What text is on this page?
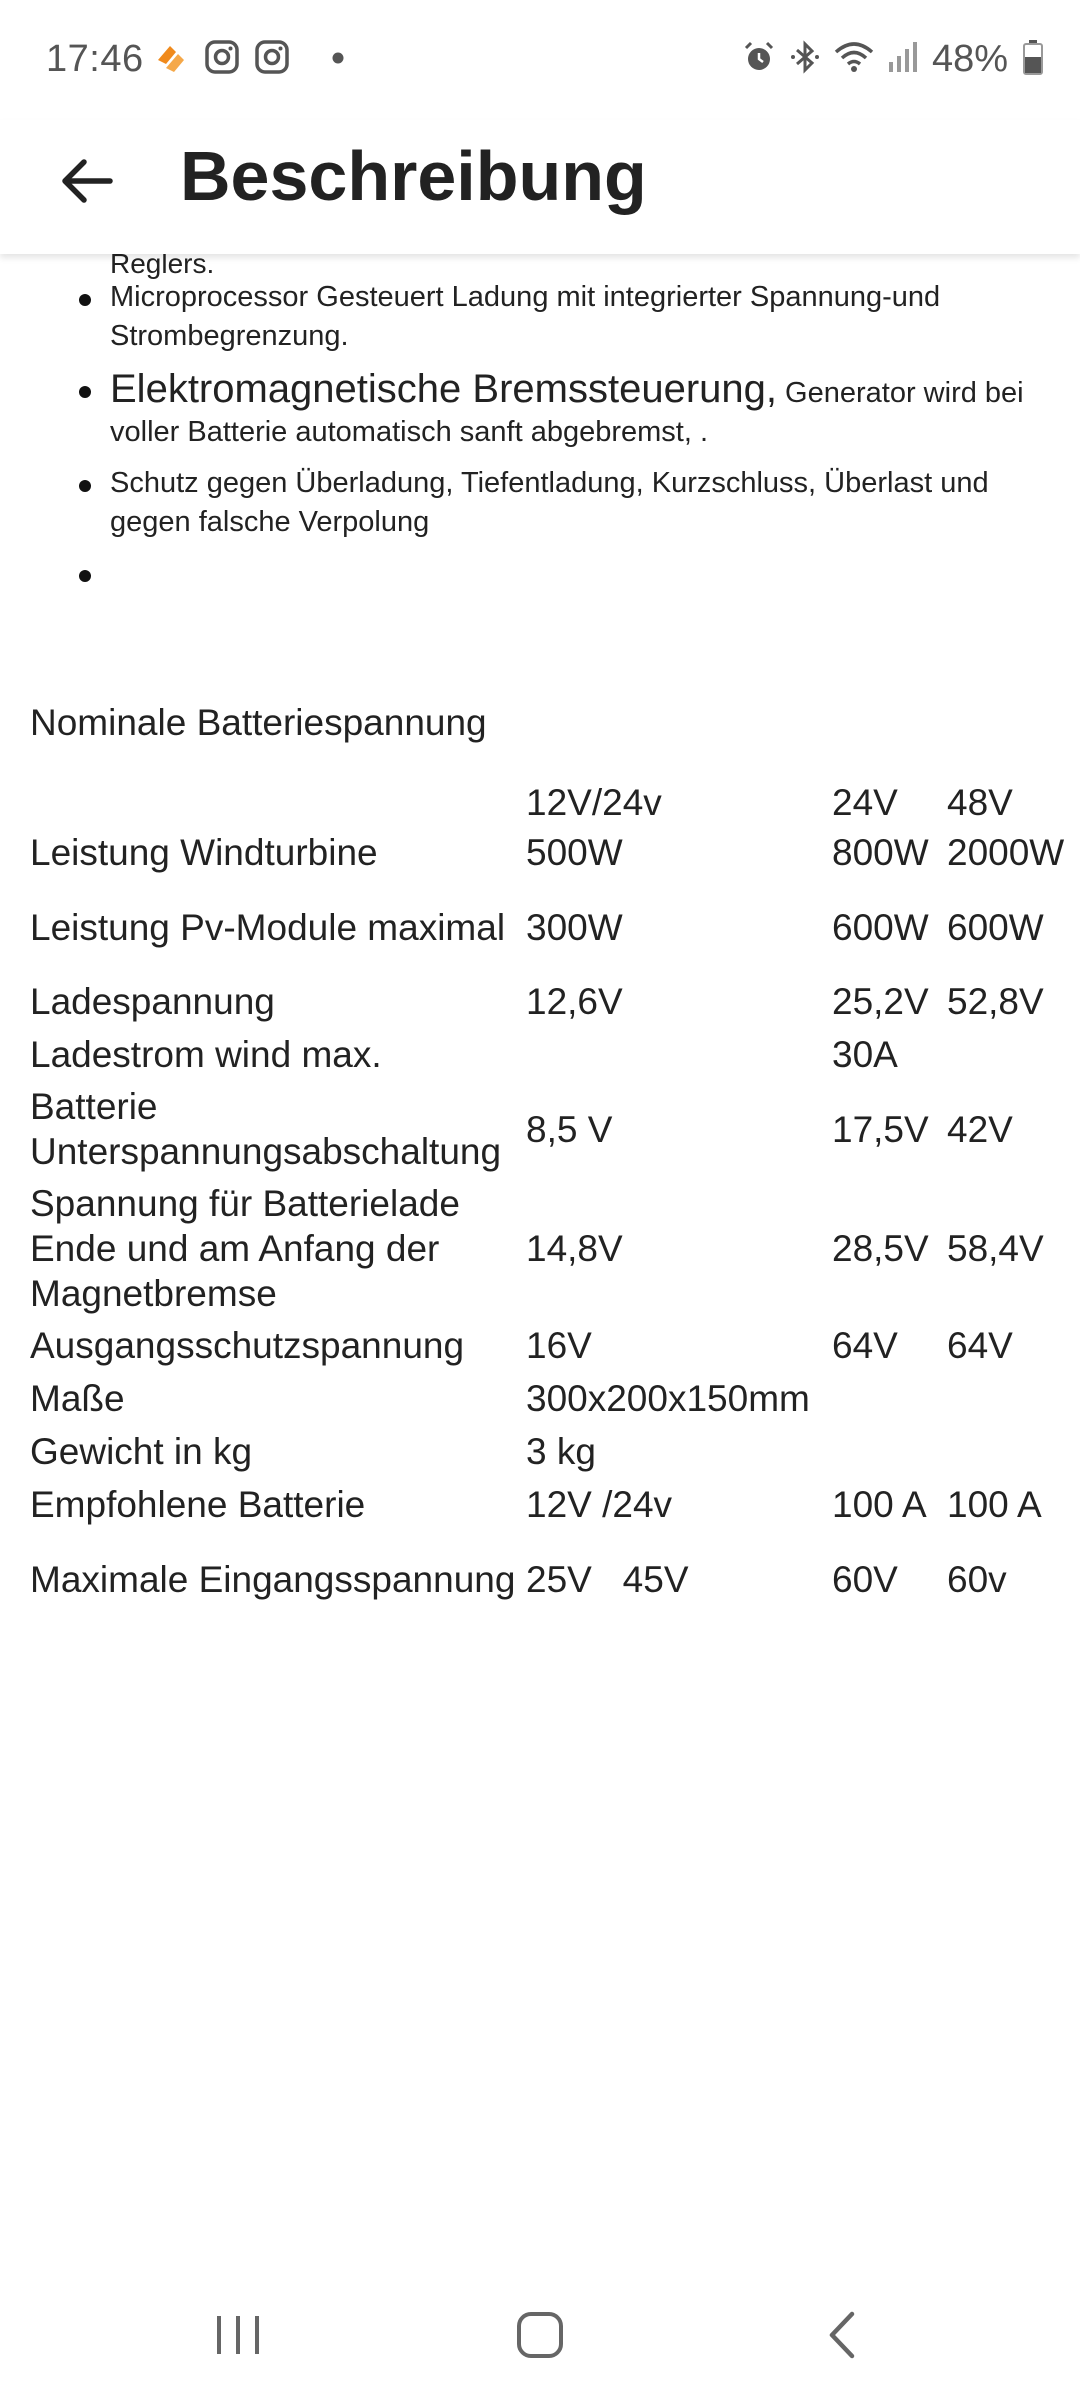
17:46	48%
Beschreibung
Reglers.
Microprocessor Gesteuert Ladung mit integrierter Spannung-und Strombegrenzung.
Elektromagnetische Bremssteuerung, Generator wird bei voller Batterie automatisch sanft abgebremst, .
Schutz gegen Überladung, Tiefentladung, Kurzschluss, Überlast und gegen falsche Verpolung
Nominale Batteriespannung
	12V/24v	24V	48V
Leistung Windturbine	500W	800W	2000W
Leistung Pv-Module maximal	300W	600W	600W
Ladespannung	12,6V	25,2V	52,8V
Ladestrom wind max.		30A	
Batterie Unterspannungsabschaltung	8,5 V	17,5V	42V
Spannung für Batterielade Ende und am Anfang der Magnetbremse	14,8V	28,5V	58,4V
Ausgangsschutzspannung	16V	64V	64V
Maße	300x200x150mm		
Gewicht in kg	3 kg		
Empfohlene Batterie	12V /24v	100 A	100 A
Maximale Eingangsspannung	25V   45V	60V	60v
